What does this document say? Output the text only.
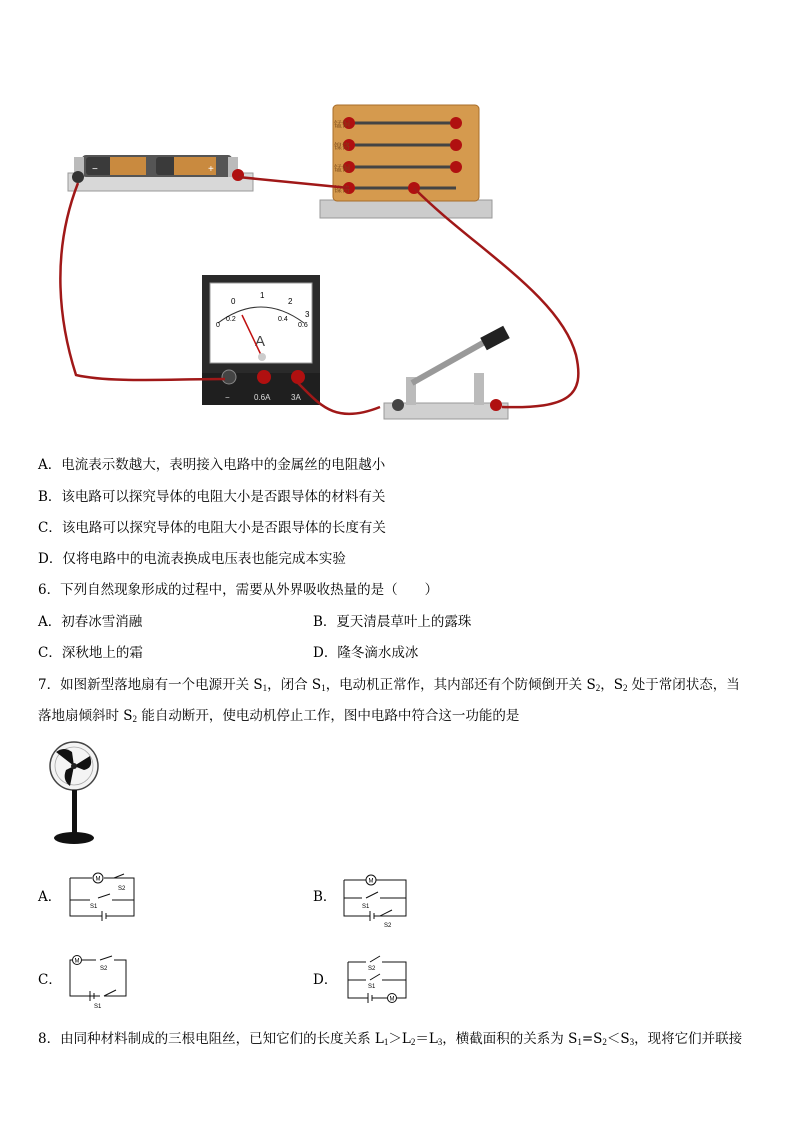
−	+
锰铜
镍铬
锰铜
镍铬
0
1
2
3
0
0.2	0.4
0.6
A
−	0.6A	3A
A．电流表示数越大，表明接入电路中的金属丝的电阻越小
B．该电路可以探究导体的电阻大小是否跟导体的材料有关
C．该电路可以探究导体的电阻大小是否跟导体的长度有关
D．仅将电路中的电流表换成电压表也能完成本实验
6．下列自然现象形成的过程中，需要从外界吸收热量的是（　　）
A．初春冰雪消融	B．夏天清晨草叶上的露珠
C．深秋地上的霜	D．隆冬滴水成冰
7．如图新型落地扇有一个电源开关 $S_1$，闭合 $S_1$，电动机正常作，其内部还有个防倾倒开关 $S_2$，$S_2$ 处于常闭状态，当
落地扇倾斜时 $S_2$ 能自动断开，使电动机停止工作，图中电路中符合这一功能的是
A．	B．
C．	D．
M
S2
S1
M
S1
S2
M
S2
S1
M
S2
S1
8．由同种材料制成的三根电阻丝，已知它们的长度关系 $L_1>L_2=L_3$，横截面积的关系为 $S_1=S_2<S_3$，现将它们并联接
